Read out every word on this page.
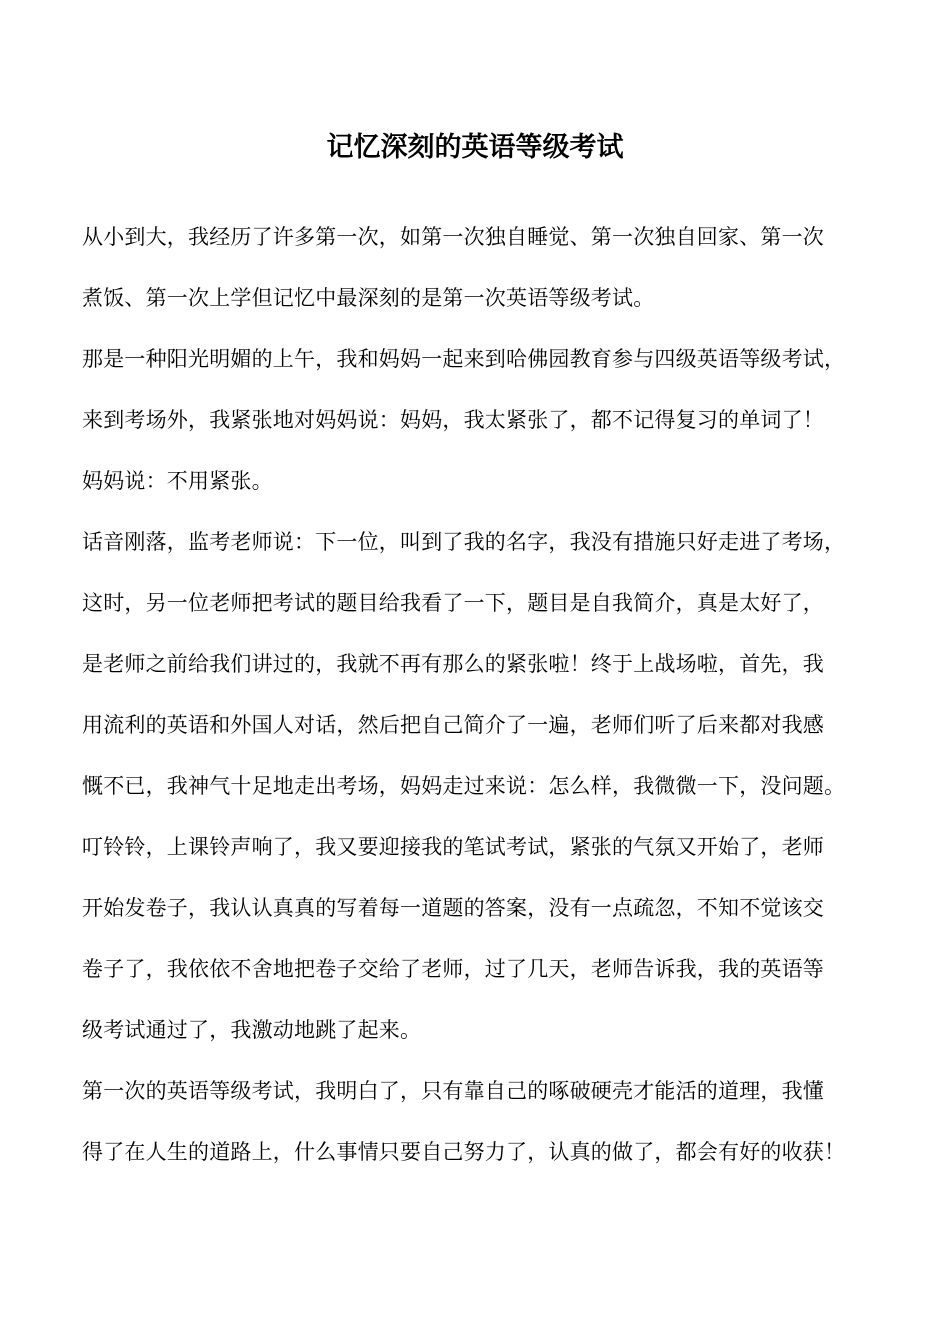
记忆深刻的英语等级考试
从小到大，我经历了许多第一次，如第一次独自睡觉、第一次独自回家、第一次
煮饭、第一次上学但记忆中最深刻的是第一次英语等级考试。
那是一种阳光明媚的上午，我和妈妈一起来到哈佛园教育参与四级英语等级考试，
来到考场外，我紧张地对妈妈说：妈妈，我太紧张了，都不记得复习的单词了！
妈妈说：不用紧张。
话音刚落，监考老师说：下一位，叫到了我的名字，我没有措施只好走进了考场，
这时，另一位老师把考试的题目给我看了一下，题目是自我简介，真是太好了，
是老师之前给我们讲过的，我就不再有那么的紧张啦！终于上战场啦，首先，我
用流利的英语和外国人对话，然后把自己简介了一遍，老师们听了后来都对我感
慨不已，我神气十足地走出考场，妈妈走过来说：怎么样，我微微一下，没问题。
叮铃铃，上课铃声响了，我又要迎接我的笔试考试，紧张的气氛又开始了，老师
开始发卷子，我认认真真的写着每一道题的答案，没有一点疏忽，不知不觉该交
卷子了，我依依不舍地把卷子交给了老师，过了几天，老师告诉我，我的英语等
级考试通过了，我激动地跳了起来。
第一次的英语等级考试，我明白了，只有靠自己的啄破硬壳才能活的道理，我懂
得了在人生的道路上，什么事情只要自己努力了，认真的做了，都会有好的收获！
